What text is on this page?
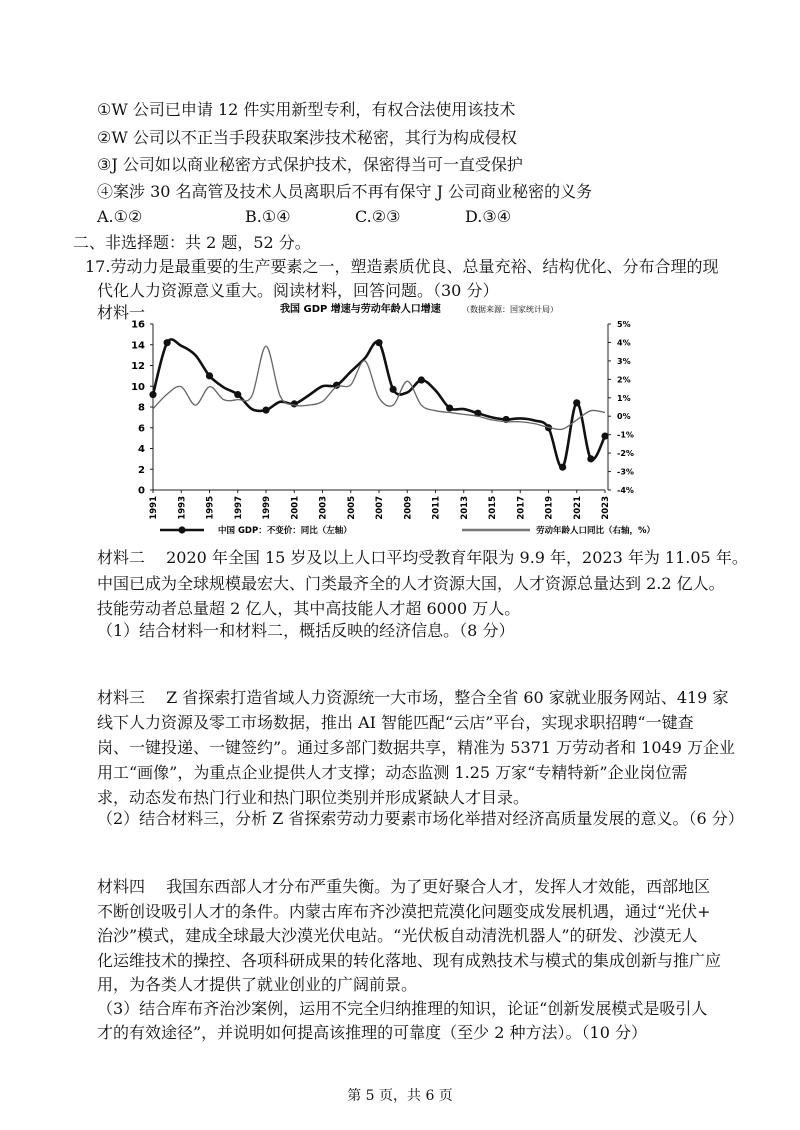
①W 公司已申请 12 件实用新型专利，有权合法使用该技术
②W 公司以不正当手段获取案涉技术秘密，其行为构成侵权
③J 公司如以商业秘密方式保护技术，保密得当可一直受保护
④案涉 30 名高管及技术人员离职后不再有保守 J 公司商业秘密的义务
A.①②	B.①④	C.②③	D.③④
二、非选择题：共 2 题，52 分。
17.劳动力是最重要的生产要素之一，塑造素质优良、总量充裕、结构优化、分布合理的现
代化人力资源意义重大。阅读材料，回答问题。（30 分）
材料一
0
2
4
6
8
10
12
14
16
-4%
-3%
-2%
-1%
0%
1%
2%
3%
4%
5%
1991 1993 1995 1997 1999 2001 2003 2005 2007 2009 2011 2013 2015 2017 2019 2021 2023
中国 GDP：不变价：同比（左轴）	劳动年龄人口同比（右轴，%）
我国 GDP 增速与劳动年龄人口增速	（数据来源：国家统计局）
材料二　 2020 年全国 15 岁及以上人口平均受教育年限为 9.9 年，2023 年为 11.05 年。
中国已成为全球规模最宏大、门类最齐全的人才资源大国，人才资源总量达到 2.2 亿人。
技能劳动者总量超 2 亿人，其中高技能人才超 6000 万人。
（1）结合材料一和材料二，概括反映的经济信息。（8 分）
材料三　 Z 省探索打造省域人力资源统一大市场，整合全省 60 家就业服务网站、419 家
线下人力资源及零工市场数据，推出 AI 智能匹配“云店”平台，实现求职招聘“一键查
岗、一键投递、一键签约”。通过多部门数据共享，精准为 5371 万劳动者和 1049 万企业
用工“画像”，为重点企业提供人才支撑；动态监测 1.25 万家“专精特新”企业岗位需
求，动态发布热门行业和热门职位类别并形成紧缺人才目录。
（2）结合材料三，分析 Z 省探索劳动力要素市场化举措对经济高质量发展的意义。（6 分）
材料四　 我国东西部人才分布严重失衡。为了更好聚合人才，发挥人才效能，西部地区
不断创设吸引人才的条件。内蒙古库布齐沙漠把荒漠化问题变成发展机遇，通过“光伏+
治沙”模式，建成全球最大沙漠光伏电站。“光伏板自动清洗机器人”的研发、沙漠无人
化运维技术的操控、各项科研成果的转化落地、现有成熟技术与模式的集成创新与推广应
用，为各类人才提供了就业创业的广阔前景。
（3）结合库布齐治沙案例，运用不完全归纳推理的知识，论证“创新发展模式是吸引人
才的有效途径”，并说明如何提高该推理的可靠度（至少 2 种方法）。（10 分）
第 5 页，共 6 页
